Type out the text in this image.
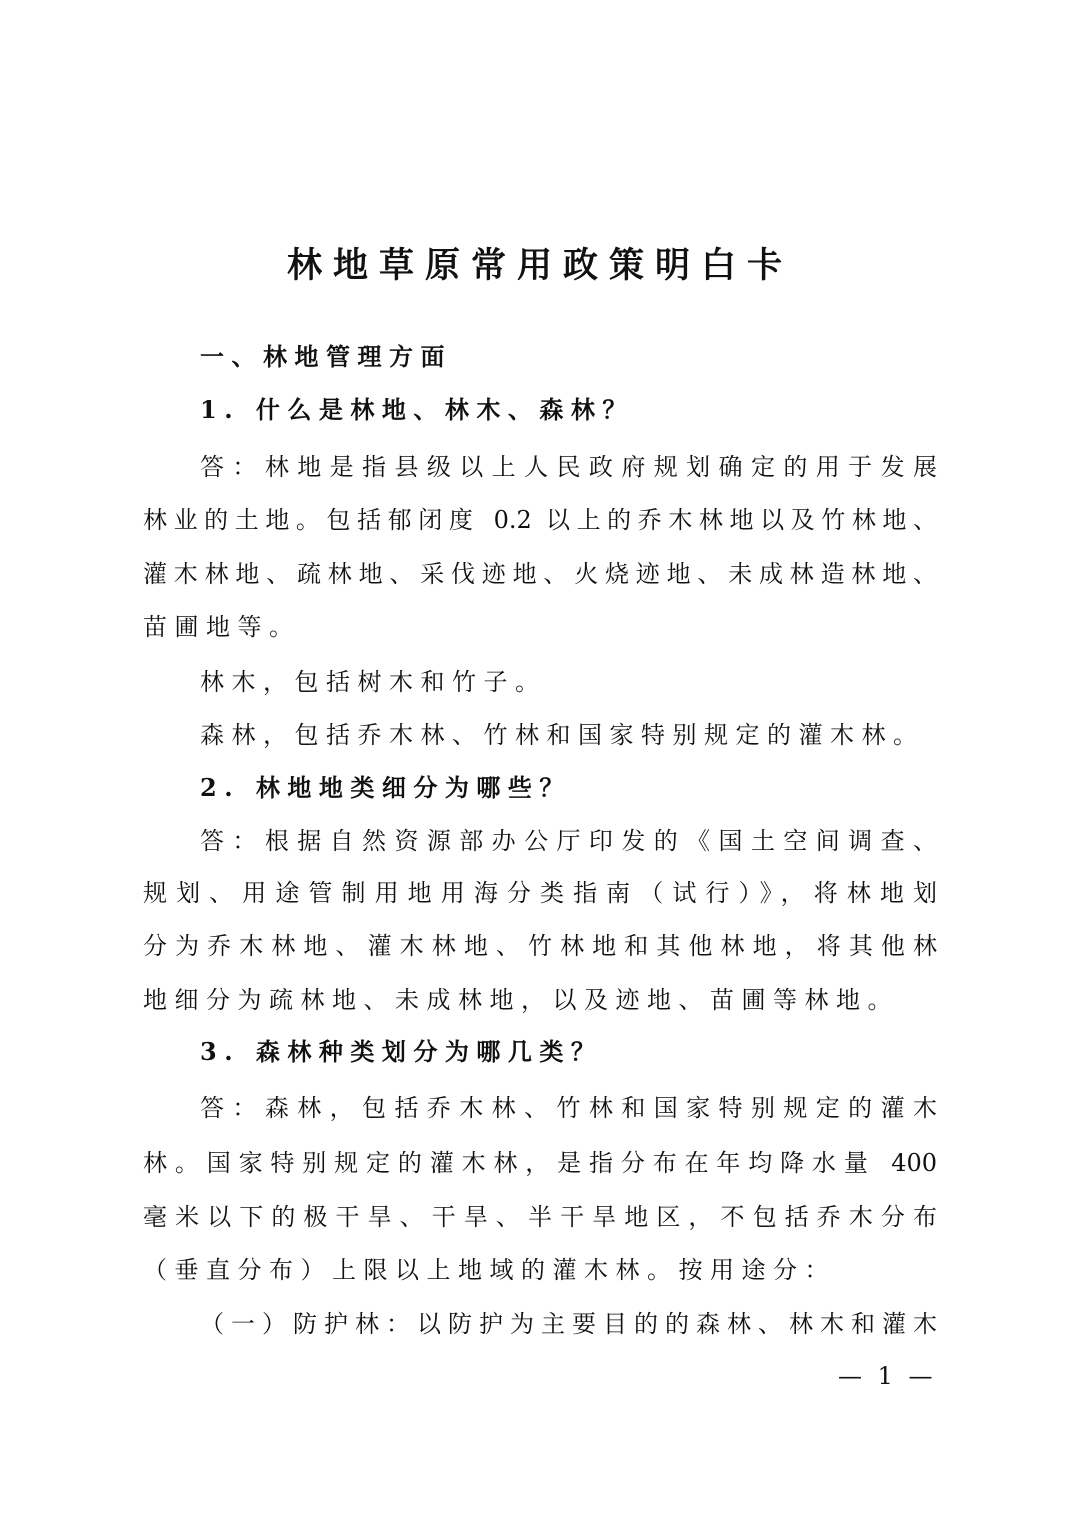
林地草原常用政策明白卡
一、林地管理方面
1. 什么是林地、林木、森林？
答：林地是指县级以上人民政府规划确定的用于发展
林业的土地。包括郁闭度 0.2 以上的乔木林地以及竹林地、
灌木林地、疏林地、采伐迹地、火烧迹地、未成林造林地、
苗圃地等。
林木，包括树木和竹子。
森林，包括乔木林、竹林和国家特别规定的灌木林。
2. 林地地类细分为哪些？
答：根据自然资源部办公厅印发的《国土空间调查、
规划、用途管制用地用海分类指南（试行）》，将林地划
分为乔木林地、灌木林地、竹林地和其他林地，将其他林
地细分为疏林地、未成林地，以及迹地、苗圃等林地。
3. 森林种类划分为哪几类？
答：森林，包括乔木林、竹林和国家特别规定的灌木
林。国家特别规定的灌木林，是指分布在年均降水量 400
毫米以下的极干旱、干旱、半干旱地区，不包括乔木分布
（垂直分布）上限以上地域的灌木林。按用途分：
（一）防护林：以防护为主要目的的森林、林木和灌木
— 1 —
